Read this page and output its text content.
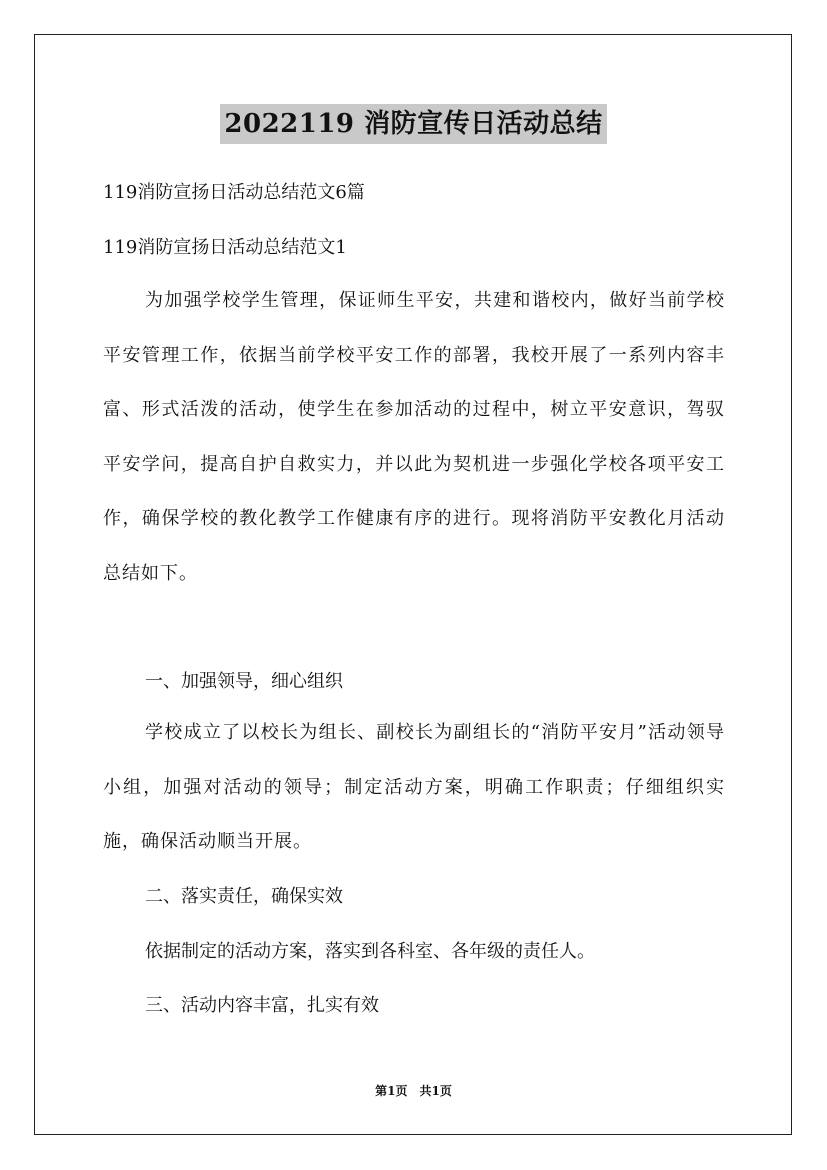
2022119 消防宣传日活动总结
119消防宣扬日活动总结范文6篇
119消防宣扬日活动总结范文1
为加强学校学生管理，保证师生平安，共建和谐校内，做好当前学校平安管理工作，依据当前学校平安工作的部署，我校开展了一系列内容丰富、形式活泼的活动，使学生在参加活动的过程中，树立平安意识，驾驭平安学问，提高自护自救实力，并以此为契机进一步强化学校各项平安工作，确保学校的教化教学工作健康有序的进行。现将消防平安教化月活动总结如下。
一、加强领导，细心组织
学校成立了以校长为组长、副校长为副组长的“消防平安月”活动领导小组，加强对活动的领导；制定活动方案，明确工作职责；仔细组织实施，确保活动顺当开展。
二、落实责任，确保实效
依据制定的活动方案，落实到各科室、各年级的责任人。
三、活动内容丰富，扎实有效
第1页　共1页
